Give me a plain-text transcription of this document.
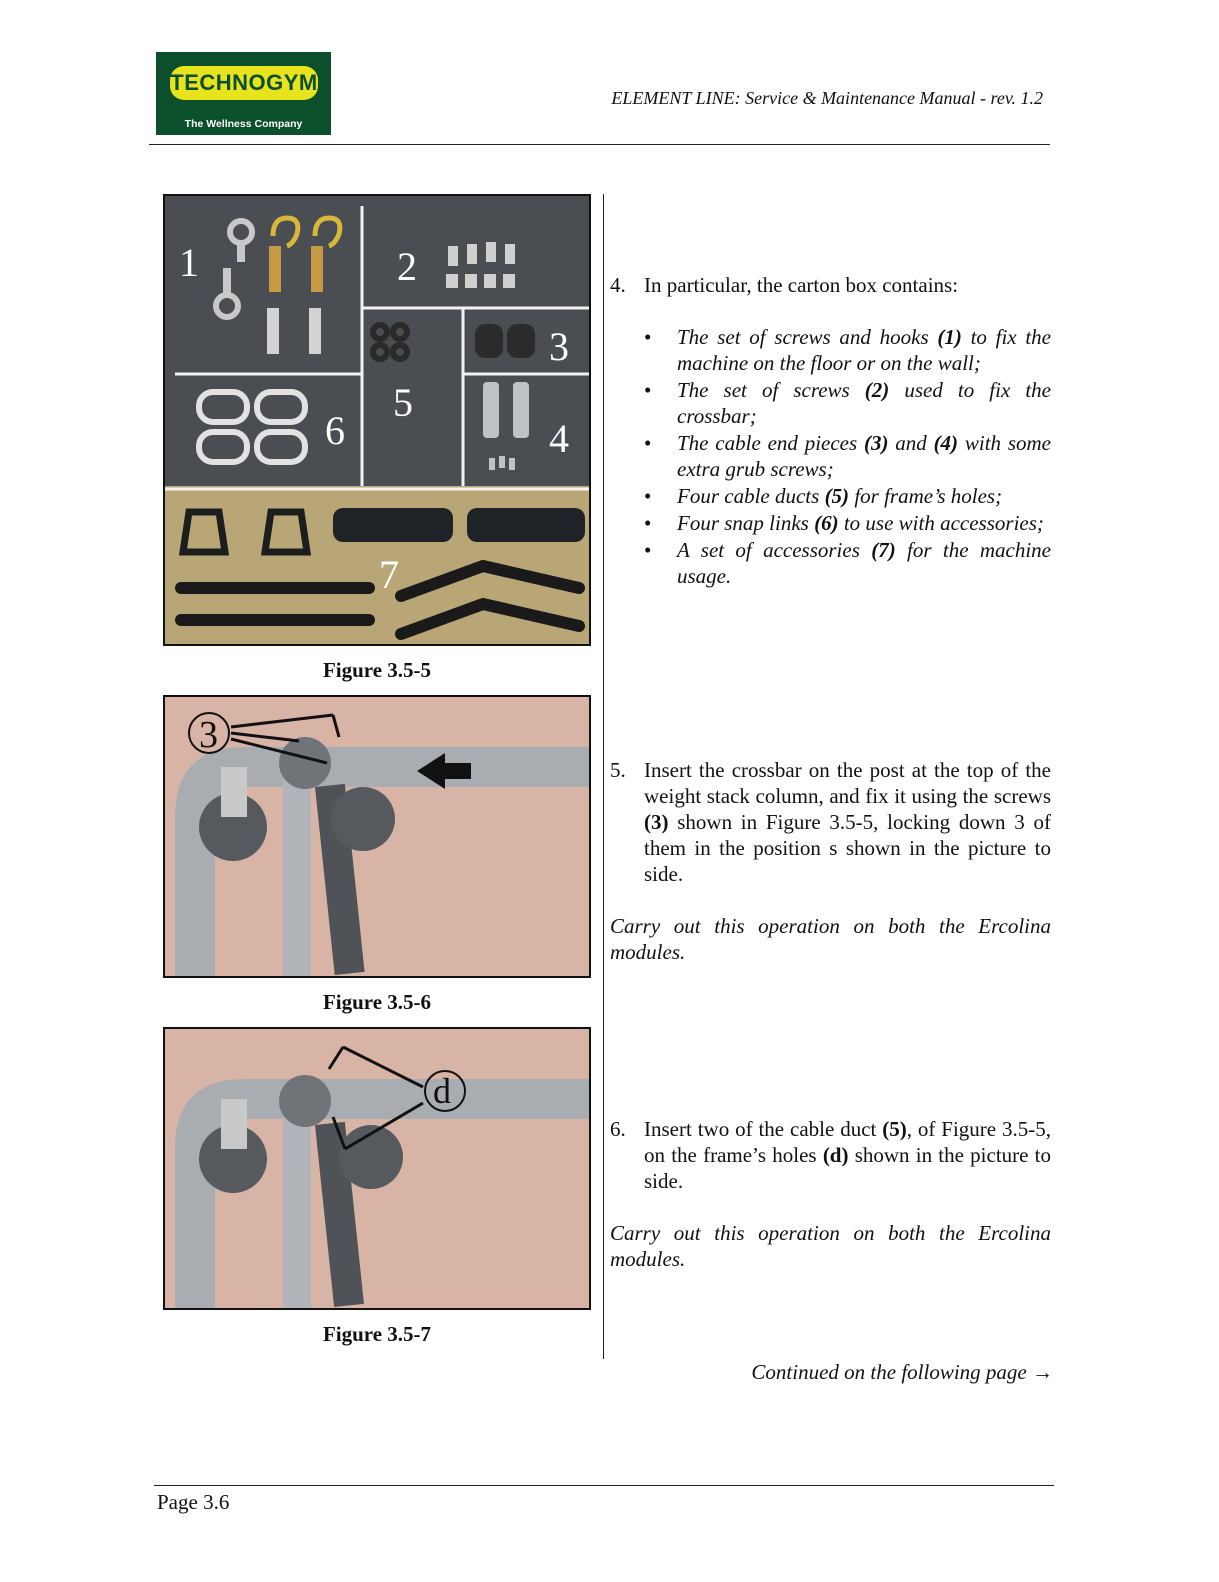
TECHNOGYM
The Wellness Company
ELEMENT LINE: Service & Maintenance Manual - rev. 1.2
1	2
3
4
5
6
7
Figure 3.5-5
3
Figure 3.5-6
d
Figure 3.5-7
4. In particular, the carton box contains:
• The set of screws and hooks (1) to fix the machine on the floor or on the wall;
• The set of screws (2) used to fix the crossbar;
• The cable end pieces (3) and (4) with some extra grub screws;
• Four cable ducts (5) for frame’s holes;
• Four snap links (6) to use with accessories;
• A set of accessories (7) for the machine usage.
5. Insert the crossbar on the post at the top of the weight stack column, and fix it using the screws (3) shown in Figure 3.5-5, locking down 3 of them in the position s shown in the picture to side.
Carry out this operation on both the Ercolina modules.
6. Insert two of the cable duct (5), of Figure 3.5-5, on the frame’s holes (d) shown in the picture to side.
Carry out this operation on both the Ercolina modules.
Continued on the following page →
Page 3.6
